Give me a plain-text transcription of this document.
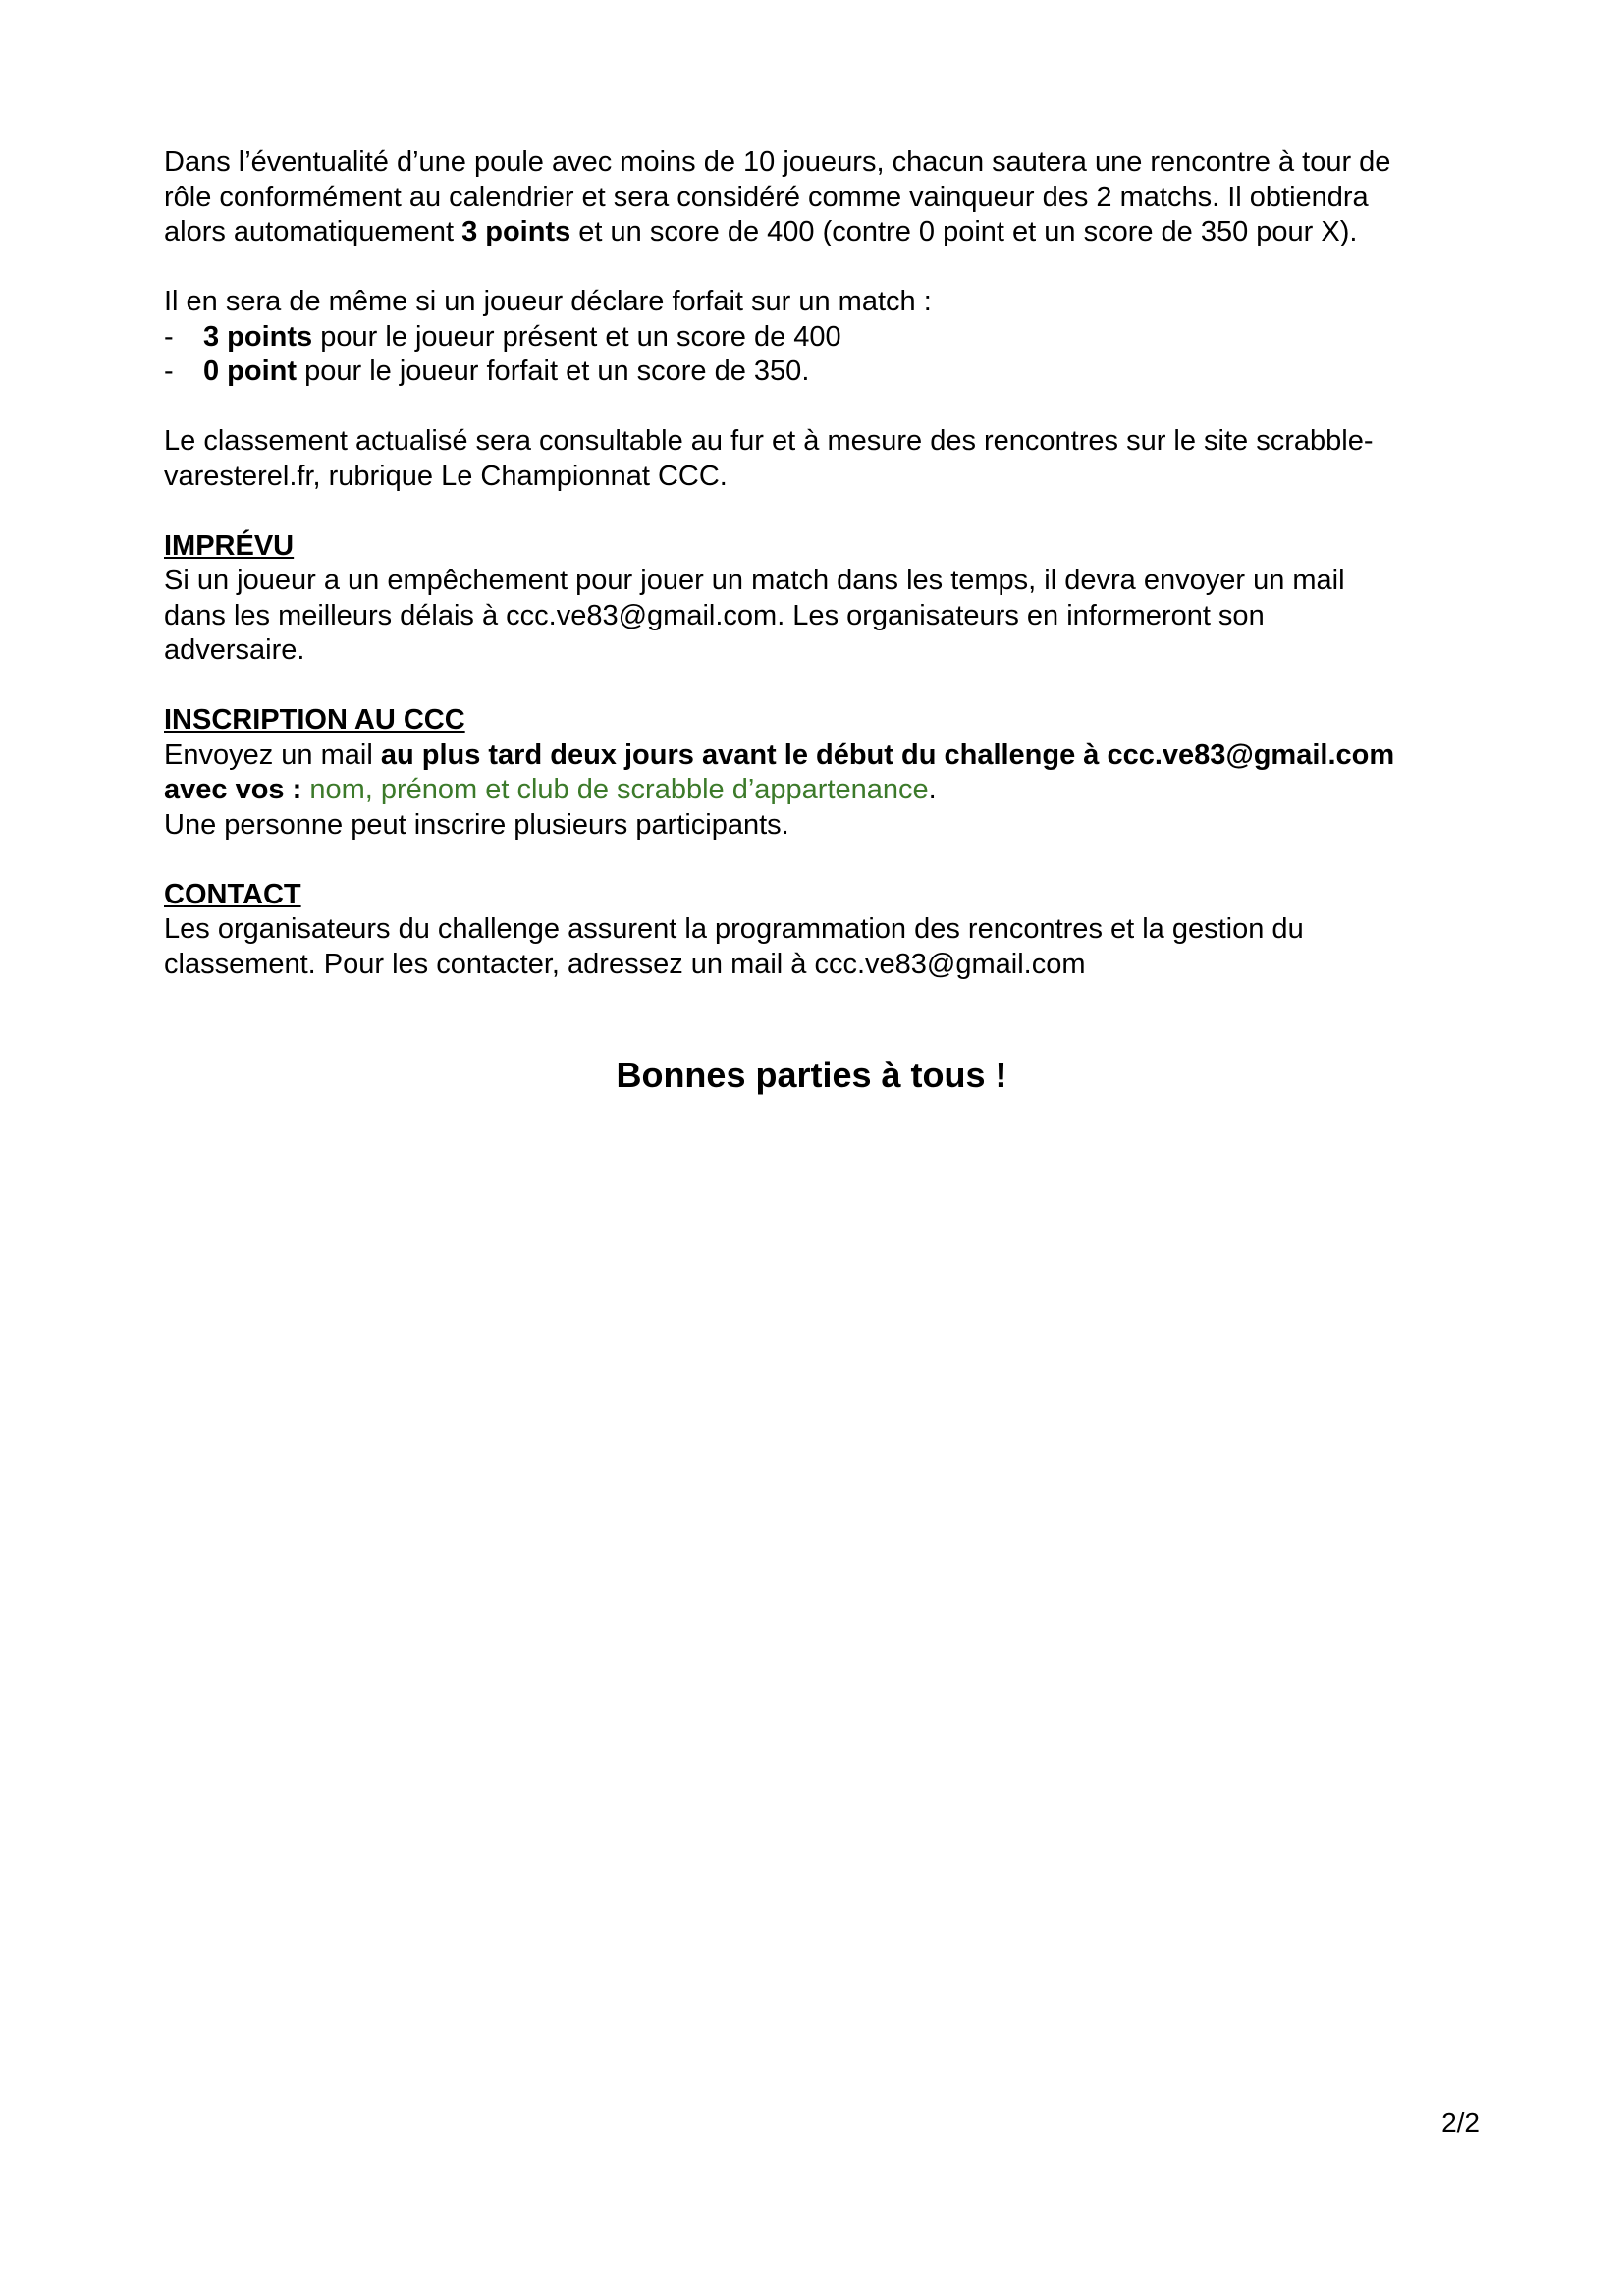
Dans l’éventualité d’une poule avec moins de 10 joueurs, chacun sautera une rencontre à tour de
rôle conformément au calendrier et sera considéré comme vainqueur des 2 matchs. Il obtiendra
alors automatiquement 3 points et un score de 400 (contre 0 point et un score de 350 pour X).
Il en sera de même si un joueur déclare forfait sur un match :
- 3 points pour le joueur présent et un score de 400
- 0 point pour le joueur forfait et un score de 350.
Le classement actualisé sera consultable au fur et à mesure des rencontres sur le site scrabble-
varesterel.fr, rubrique Le Championnat CCC.
IMPRÉVU
Si un joueur a un empêchement pour jouer un match dans les temps, il devra envoyer un mail
dans les meilleurs délais à ccc.ve83@gmail.com. Les organisateurs en informeront son
adversaire.
INSCRIPTION AU CCC
Envoyez un mail au plus tard deux jours avant le début du challenge à ccc.ve83@gmail.com
avec vos : nom, prénom et club de scrabble d’appartenance.
Une personne peut inscrire plusieurs participants.
CONTACT
Les organisateurs du challenge assurent la programmation des rencontres et la gestion du
classement. Pour les contacter, adressez un mail à ccc.ve83@gmail.com
Bonnes parties à tous !
2/2
